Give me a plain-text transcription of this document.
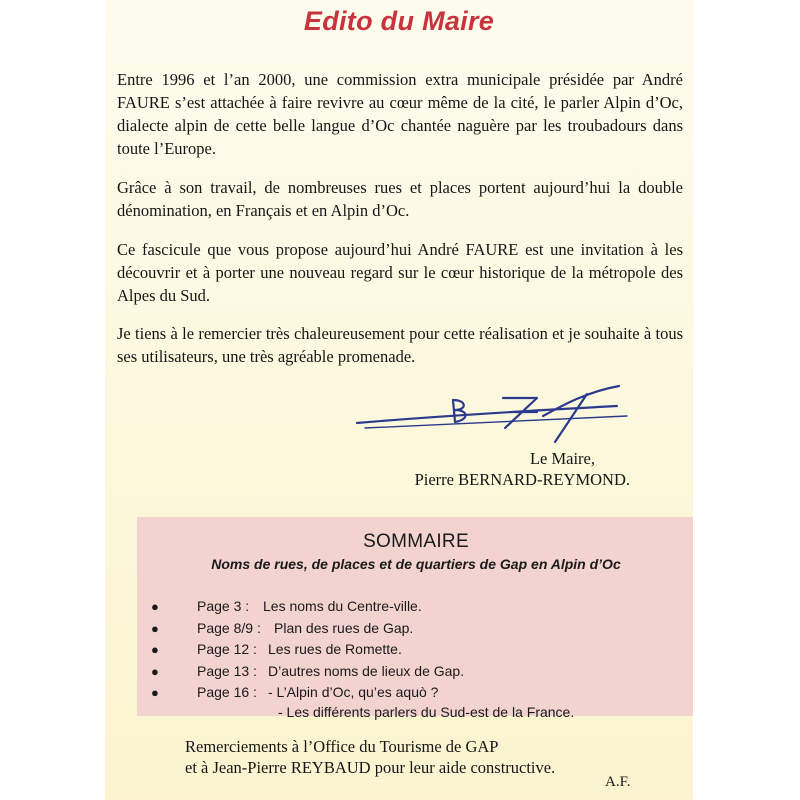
Edito du Maire
Entre 1996 et l’an 2000, une commission extra municipale présidée par André FAURE s’est attachée à faire revivre au cœur même de la cité, le parler Alpin d’Oc, dialecte alpin de cette belle langue d’Oc chantée naguère par les troubadours dans toute l’Europe.
Grâce à son travail, de nombreuses rues et places portent aujourd’hui la double dénomination, en Français et en Alpin d’Oc.
Ce fascicule que vous propose aujourd’hui André FAURE est une invitation à les découvrir et à porter une nouveau regard sur le cœur historique de la métropole des Alpes du Sud.
Je tiens à le remercier très chaleureusement pour cette réalisation et je souhaite à tous ses utilisateurs, une très agréable promenade.
Le Maire,
Pierre BERNARD-REYMOND.
SOMMAIRE
Noms de rues, de places et de quartiers de Gap en Alpin d’Oc
●	Page 3 : Les noms du Centre-ville.
●	Page 8/9 : Plan des rues de Gap.
●	Page 12 : Les rues de Romette.
●	Page 13 : D’autres noms de lieux de Gap.
●	Page 16 : - L’Alpin d’Oc, qu’es aquò ?
- Les différents parlers du Sud-est de la France.
Remerciements à l’Office du Tourisme de GAP
et à Jean-Pierre REYBAUD pour leur aide constructive.
A.F.
